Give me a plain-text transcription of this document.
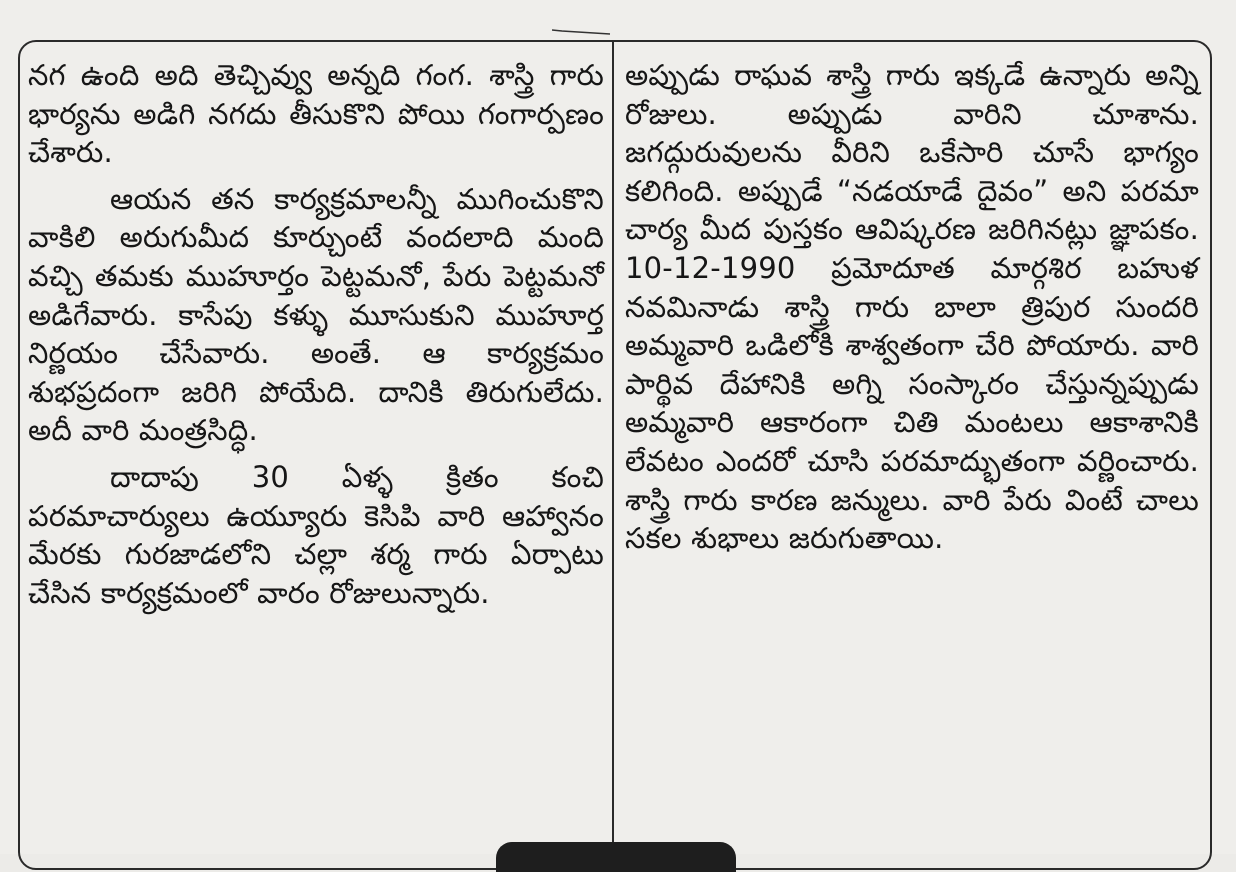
నగ ఉంది అది తెచ్చివ్వు అన్నది గంగ. శాస్త్రి గారు భార్యను అడిగి నగదు తీసుకొని పోయి గంగార్పణం చేశారు.

ఆయన తన కార్యక్రమాలన్నీ ముగించుకొని వాకిలి అరుగుమీద కూర్చుంటే వందలాది మంది వచ్చి తమకు ముహూర్తం పెట్టమనో, పేరు పెట్టమనో అడిగేవారు. కాసేపు కళ్ళు మూసుకుని ముహూర్త నిర్ణయం చేసేవారు. అంతే. ఆ కార్యక్రమం శుభప్రదంగా జరిగి పోయేది. దానికి తిరుగులేదు. అదీ వారి మంత్రసిద్ధి.

దాదాపు 30 ఏళ్ళ క్రితం కంచి పరమాచార్యులు ఉయ్యూరు కెసిపి వారి ఆహ్వానం మేరకు గురజాడలోని చల్లా శర్మ గారు ఏర్పాటు చేసిన కార్యక్రమంలో వారం రోజులున్నారు.

అప్పుడు రాఘవ శాస్త్రి గారు ఇక్కడే ఉన్నారు అన్ని రోజులు. అప్పుడు వారిని చూశాను. జగద్గురువులను వీరిని ఒకేసారి చూసే భాగ్యం కలిగింది. అప్పుడే “నడయాడే దైవం” అని పరమా చార్య మీద పుస్తకం ఆవిష్కరణ జరిగినట్లు జ్ఞాపకం. 10-12-1990 ప్రమోదూత మార్గశిర బహుళ నవమినాడు శాస్త్రి గారు బాలా త్రిపుర సుందరి అమ్మవారి ఒడిలోకి శాశ్వతంగా చేరి పోయారు. వారి పార్థివ దేహానికి అగ్ని సంస్కారం చేస్తున్నప్పుడు అమ్మవారి ఆకారంగా చితి మంటలు ఆకాశానికి లేవటం ఎందరో చూసి పరమాద్భుతంగా వర్ణించారు. శాస్త్రి గారు కారణ జన్ములు. వారి పేరు వింటే చాలు సకల శుభాలు జరుగుతాయి.
